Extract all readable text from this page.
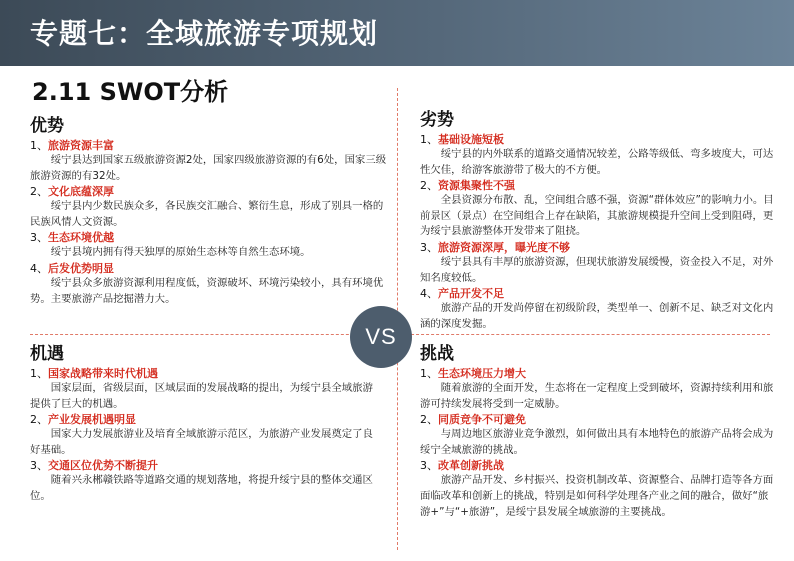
专题七：全域旅游专项规划
2.11 SWOT分析
优势
1、旅游资源丰富
绥宁县达到国家五级旅游资源2处，国家四级旅游资源的有6处，国家三级旅游资源的有32处。
2、文化底蕴深厚
绥宁县内少数民族众多，各民族交汇融合、繁衍生息，形成了别具一格的民族风情人文资源。
3、生态环境优越
绥宁县境内拥有得天独厚的原始生态林等自然生态环境。
4、后发优势明显
绥宁县众多旅游资源利用程度低，资源破坏、环境污染较小，具有环境优势。主要旅游产品挖掘潜力大。
劣势
1、基础设施短板
绥宁县的内外联系的道路交通情况较差，公路等级低、弯多坡度大，可达性欠佳，给游客旅游带了极大的不方便。
2、资源集聚性不强
全县资源分布散、乱，空间组合感不强，资源“群体效应”的影响力小。目前景区（景点）在空间组合上存在缺陷，其旅游规模提升空间上受到阻碍，更为绥宁县旅游整体开发带来了阻挠。
3、旅游资源深厚，曝光度不够
绥宁县具有丰厚的旅游资源，但现状旅游发展缓慢，资金投入不足，对外知名度较低。
4、产品开发不足
旅游产品的开发尚停留在初级阶段，类型单一、创新不足、缺乏对文化内涵的深度发掘。
机遇
1、国家战略带来时代机遇
国家层面，省级层面，区域层面的发展战略的提出，为绥宁县全域旅游提供了巨大的机遇。
2、产业发展机遇明显
国家大力发展旅游业及培育全域旅游示范区，为旅游产业发展奠定了良好基础。
3、交通区位优势不断提升
随着兴永郴赣铁路等道路交通的规划落地，将提升绥宁县的整体交通区位。
挑战
1、生态环境压力增大
随着旅游的全面开发，生态将在一定程度上受到破坏，资源持续利用和旅游可持续发展将受到一定威胁。
2、同质竞争不可避免
与周边地区旅游业竞争激烈，如何做出具有本地特色的旅游产品将会成为绥宁全域旅游的挑战。
3、改革创新挑战
旅游产品开发、乡村振兴、投资机制改革、资源整合、品牌打造等各方面面临改革和创新上的挑战，特别是如何科学处理各产业之间的融合，做好“旅游+”与“+旅游”，是绥宁县发展全域旅游的主要挑战。
VS
